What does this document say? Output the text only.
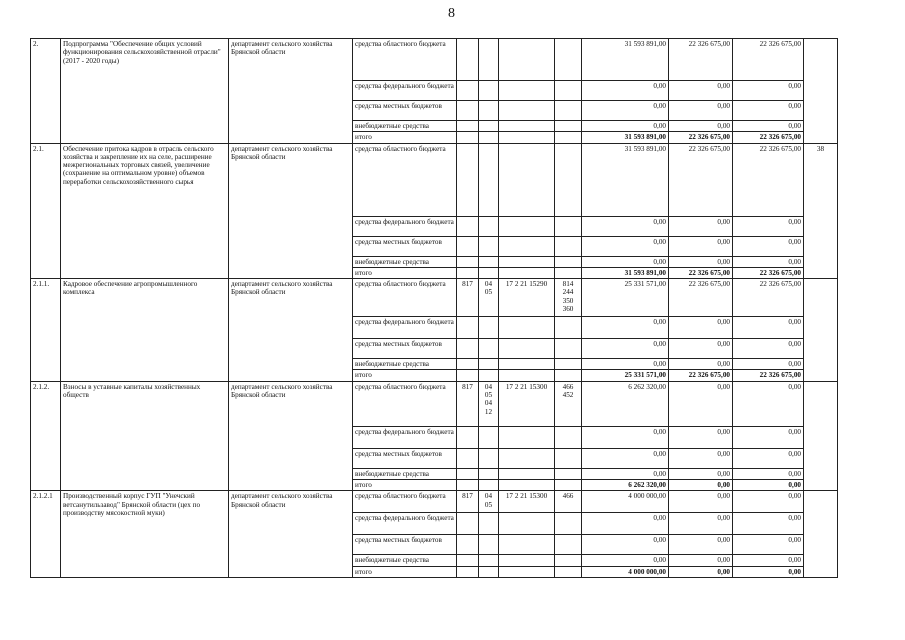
8
2.	Подпрограмма "Обеспечение общих условий функционирования сельскохозяйственной отрасли" (2017 - 2020 годы)	департамент сельского хозяйства Брянской области	средства областного бюджета					31 593 891,00	22 326 675,00	22 326 675,00	
			средства федерального бюджета					0,00	0,00	0,00	
			средства местных бюджетов					0,00	0,00	0,00	
			внебюджетные средства					0,00	0,00	0,00	
			итого					31 593 891,00	22 326 675,00	22 326 675,00	
2.1.	Обеспечение притока кадров в отрасль сельского хозяйства и закрепление их на селе, расширение межрегиональных торговых связей, увеличение (сохранение на оптимальном уровне) объемов переработки сельскохозяйственного сырья	департамент сельского хозяйства Брянской области	средства областного бюджета					31 593 891,00	22 326 675,00	22 326 675,00	38
			средства федерального бюджета					0,00	0,00	0,00	
			средства местных бюджетов					0,00	0,00	0,00	
			внебюджетные средства					0,00	0,00	0,00	
			итого					31 593 891,00	22 326 675,00	22 326 675,00	
2.1.1.	Кадровое обеспечение агропромышленного комплекса	департамент сельского хозяйства Брянской области	средства областного бюджета	817	04 05	17 2 21 15290	814 244 350 360	25 331 571,00	22 326 675,00	22 326 675,00	
			средства федерального бюджета					0,00	0,00	0,00	
			средства местных бюджетов					0,00	0,00	0,00	
			внебюджетные средства					0,00	0,00	0,00	
			итого					25 331 571,00	22 326 675,00	22 326 675,00	
2.1.2.	Взносы в уставные капиталы хозяйственных обществ	департамент сельского хозяйства Брянской области	средства областного бюджета	817	04 05 04 12	17 2 21 15300	466 452	6 262 320,00	0,00	0,00	
			средства федерального бюджета					0,00	0,00	0,00	
			средства местных бюджетов					0,00	0,00	0,00	
			внебюджетные средства					0,00	0,00	0,00	
			итого					6 262 320,00	0,00	0,00	
2.1.2.1	Производственный корпус ГУП "Унечский ветсанутильзавод" Брянской области (цех по производству мясокостной муки)	департамент сельского хозяйства Брянской области	средства областного бюджета	817	04 05	17 2 21 15300	466	4 000 000,00	0,00	0,00	
			средства федерального бюджета					0,00	0,00	0,00	
			средства местных бюджетов					0,00	0,00	0,00	
			внебюджетные средства					0,00	0,00	0,00	
			итого					4 000 000,00	0,00	0,00	
